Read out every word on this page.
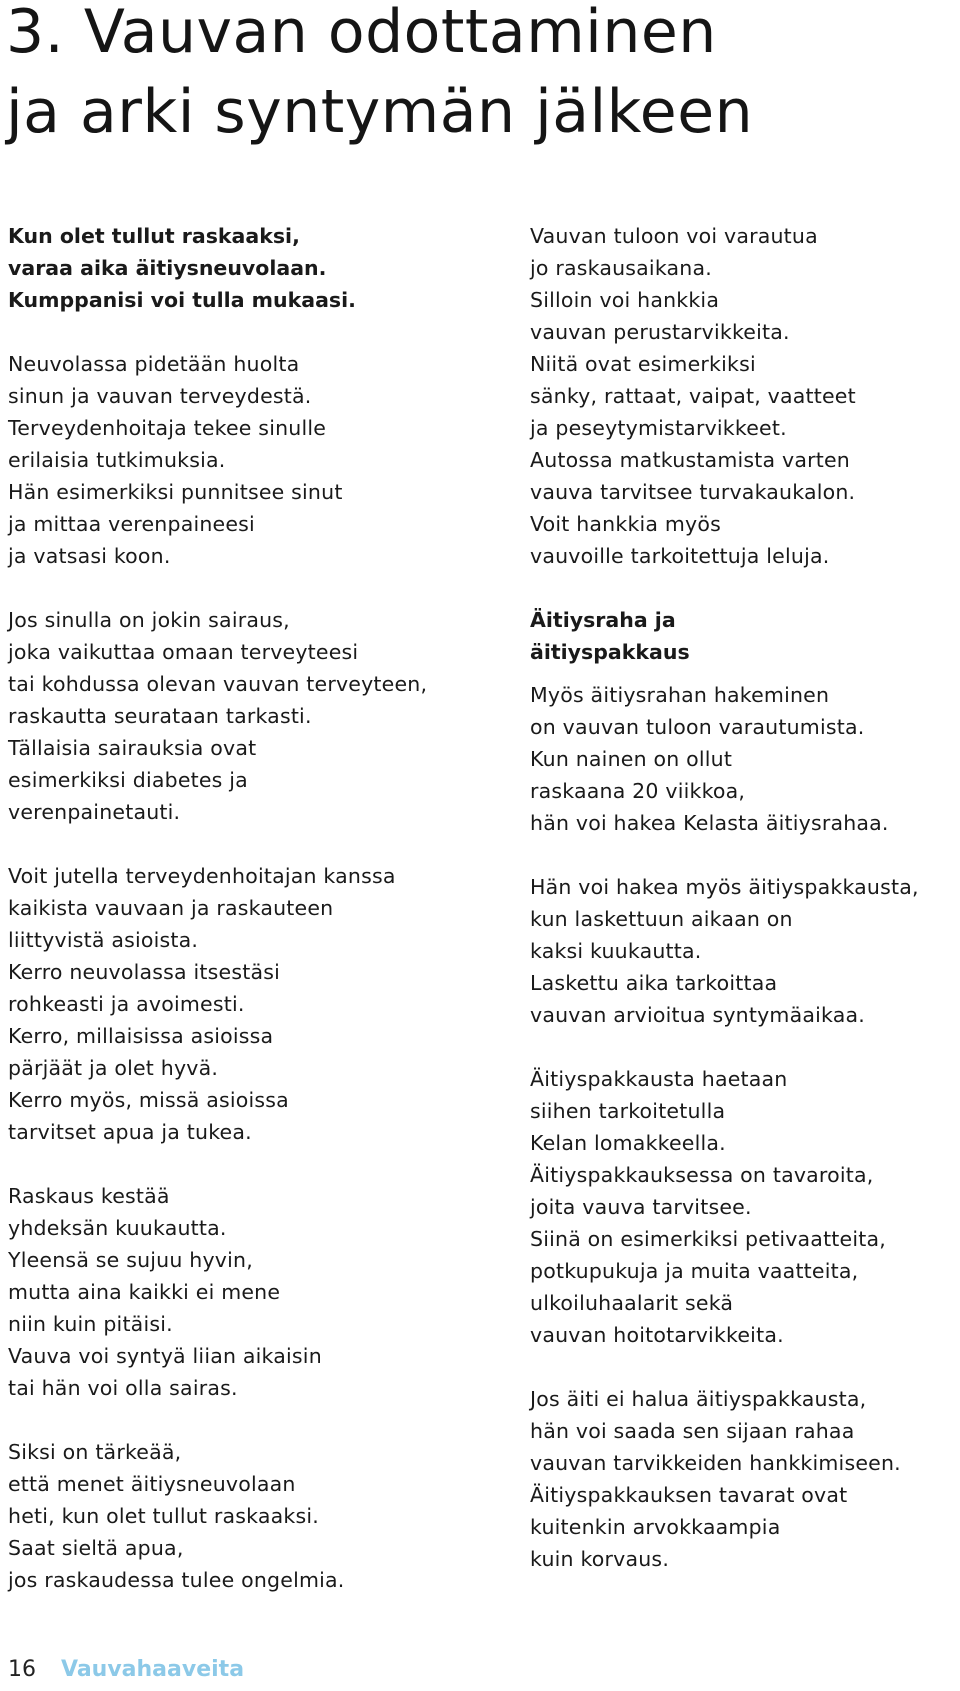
3. Vauvan odottaminen
ja arki syntymän jälkeen

Kun olet tullut raskaaksi,
varaa aika äitiysneuvolaan.
Kumppanisi voi tulla mukaasi.

Neuvolassa pidetään huolta
sinun ja vauvan terveydestä.
Terveydenhoitaja tekee sinulle
erilaisia tutkimuksia.
Hän esimerkiksi punnitsee sinut
ja mittaa verenpaineesi
ja vatsasi koon.

Jos sinulla on jokin sairaus,
joka vaikuttaa omaan terveyteesi
tai kohdussa olevan vauvan terveyteen,
raskautta seurataan tarkasti.
Tällaisia sairauksia ovat
esimerkiksi diabetes ja
verenpainetauti.

Voit jutella terveydenhoitajan kanssa
kaikista vauvaan ja raskauteen
liittyvistä asioista.
Kerro neuvolassa itsestäsi
rohkeasti ja avoimesti.
Kerro, millaisissa asioissa
pärjäät ja olet hyvä.
Kerro myös, missä asioissa
tarvitset apua ja tukea.

Raskaus kestää
yhdeksän kuukautta.
Yleensä se sujuu hyvin,
mutta aina kaikki ei mene
niin kuin pitäisi.
Vauva voi syntyä liian aikaisin
tai hän voi olla sairas.

Siksi on tärkeää,
että menet äitiysneuvolaan
heti, kun olet tullut raskaaksi.
Saat sieltä apua,
jos raskaudessa tulee ongelmia.

Vauvan tuloon voi varautua
jo raskausaikana.
Silloin voi hankkia
vauvan perustarvikkeita.
Niitä ovat esimerkiksi
sänky, rattaat, vaipat, vaatteet
ja peseytymistarvikkeet.
Autossa matkustamista varten
vauva tarvitsee turvakaukalon.
Voit hankkia myös
vauvoille tarkoitettuja leluja.

Äitiysraha ja
äitiyspakkaus

Myös äitiysrahan hakeminen
on vauvan tuloon varautumista.
Kun nainen on ollut
raskaana 20 viikkoa,
hän voi hakea Kelasta äitiysrahaa.

Hän voi hakea myös äitiyspakkausta,
kun laskettuun aikaan on
kaksi kuukautta.
Laskettu aika tarkoittaa
vauvan arvioitua syntymäaikaa.

Äitiyspakkausta haetaan
siihen tarkoitetulla
Kelan lomakkeella.
Äitiyspakkauksessa on tavaroita,
joita vauva tarvitsee.
Siinä on esimerkiksi petivaatteita,
potkupukuja ja muita vaatteita,
ulkoiluhaalarit sekä
vauvan hoitotarvikkeita.

Jos äiti ei halua äitiyspakkausta,
hän voi saada sen sijaan rahaa
vauvan tarvikkeiden hankkimiseen.
Äitiyspakkauksen tavarat ovat
kuitenkin arvokkaampia
kuin korvaus.

16 Vauvahaaveita
